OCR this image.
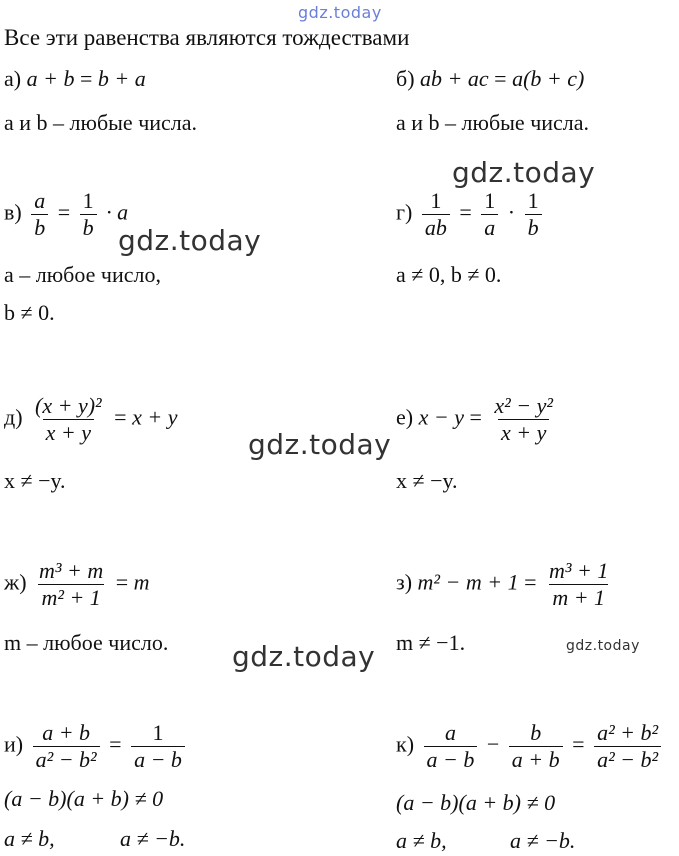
gdz.today
Все эти равенства являются тождествами
а) a + b = b + a
a и b – любые числа.
б) ab + ac = a(b + c)
a и b – любые числа.
gdz.today
$в) \frac{a}{b} = \frac{1}{b} \cdot a$
gdz.today
a – любое число,
b ≠ 0.
$г) \frac{1}{ab} = \frac{1}{a} \cdot \frac{1}{b}$
a ≠ 0, b ≠ 0.
$д) \frac{\text{(x + y)²}}{x + y} = x + y$
x ≠ −y.
gdz.today
е) $x - y = \frac{\text{x² − y²}}{x + y}$
x ≠ −y.
$ж) \frac{\text{m³ + m}}{\text{m² + 1}} = m$
m – любое число.
з) $m^2 - m + 1 = \frac{\text{m³ + 1}}{m + 1}$
m ≠ −1.
gdz.today	gdz.today
$и) \frac{a + b}{\text{a² − b²}} = \frac{1}{a - b}$
(a − b)(a + b) ≠ 0
a ≠ b,	a ≠ −b.
$к) \frac{a}{a - b} - \frac{b}{a + b} = \frac{\text{a² + b²}}{\text{a² − b²}}$
(a − b)(a + b) ≠ 0
a ≠ b,	a ≠ −b.
